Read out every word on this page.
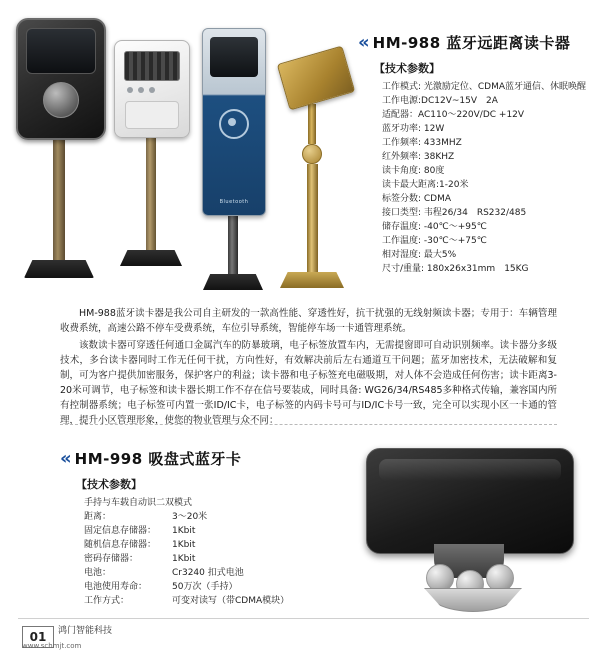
Bluetooth
« HM-988 蓝牙远距离读卡器
【技术参数】
工作模式: 光激励定位、CDMA蓝牙通信、休眠唤醒
工作电源:DC12V~15V　2A
适配器：AC110～220V/DC +12V
蓝牙功率: 12W
工作频率: 433MHZ
红外频率: 38KHZ
读卡角度: 80度
读卡最大距离:1-20米
标签分数: CDMA
接口类型: 韦程26/34　RS232/485
储存温度: -40℃～+95℃
工作温度: -30℃～+75℃
相对湿度: 最大5%
尺寸/重量: 180x26x31mm　15KG

HM-988蓝牙读卡器是我公司自主研发的一款高性能、穿透性好，抗干扰强的无线射频读卡器；专用于：车辆管理收费系统，高速公路不停车受费系统，车位引导系统，智能停车场一卡通管理系统。

该数读卡器可穿透任何通口金属汽车的防暴玻璃，电子标签放置车内，无需提窗即可自动识别频率。读卡器分多级技术，多台读卡器同时工作无任何干扰，方向性好，有效解决前后左右通道互干问题；蓝牙加密技术，无法破解和复制，可为客户提供加密服务，保护客户的利益；读卡器和电子标签充电磁吸期，对人体不会造成任何伤害；读卡距离3-20米可调节，电子标签和读卡器长期工作不存在信号要装成，同时具备: WG26/34/RS485多种格式传输，兼容国内所有控制器系统；电子标签可内置一张ID/IC卡，电子标签的内码卡号可与ID/IC卡号一致，完全可以实现小区一卡通的管理，提升小区管理形象，使您的物业管理与众不同：

« HM-998 吸盘式蓝牙卡
【技术参数】
手持与车载自动识二双模式
距离：	3～20米
固定信息存储器：	1Kbit
随机信息存储器：	1Kbit
密码存储器：	1Kbit
电池：	Cr3240 扣式电池
电池使用寿命：	50万次（手持）
工作方式：	可变对读写（带CDMA模块）
01	鸿门智能科技
www.schmjt.com
